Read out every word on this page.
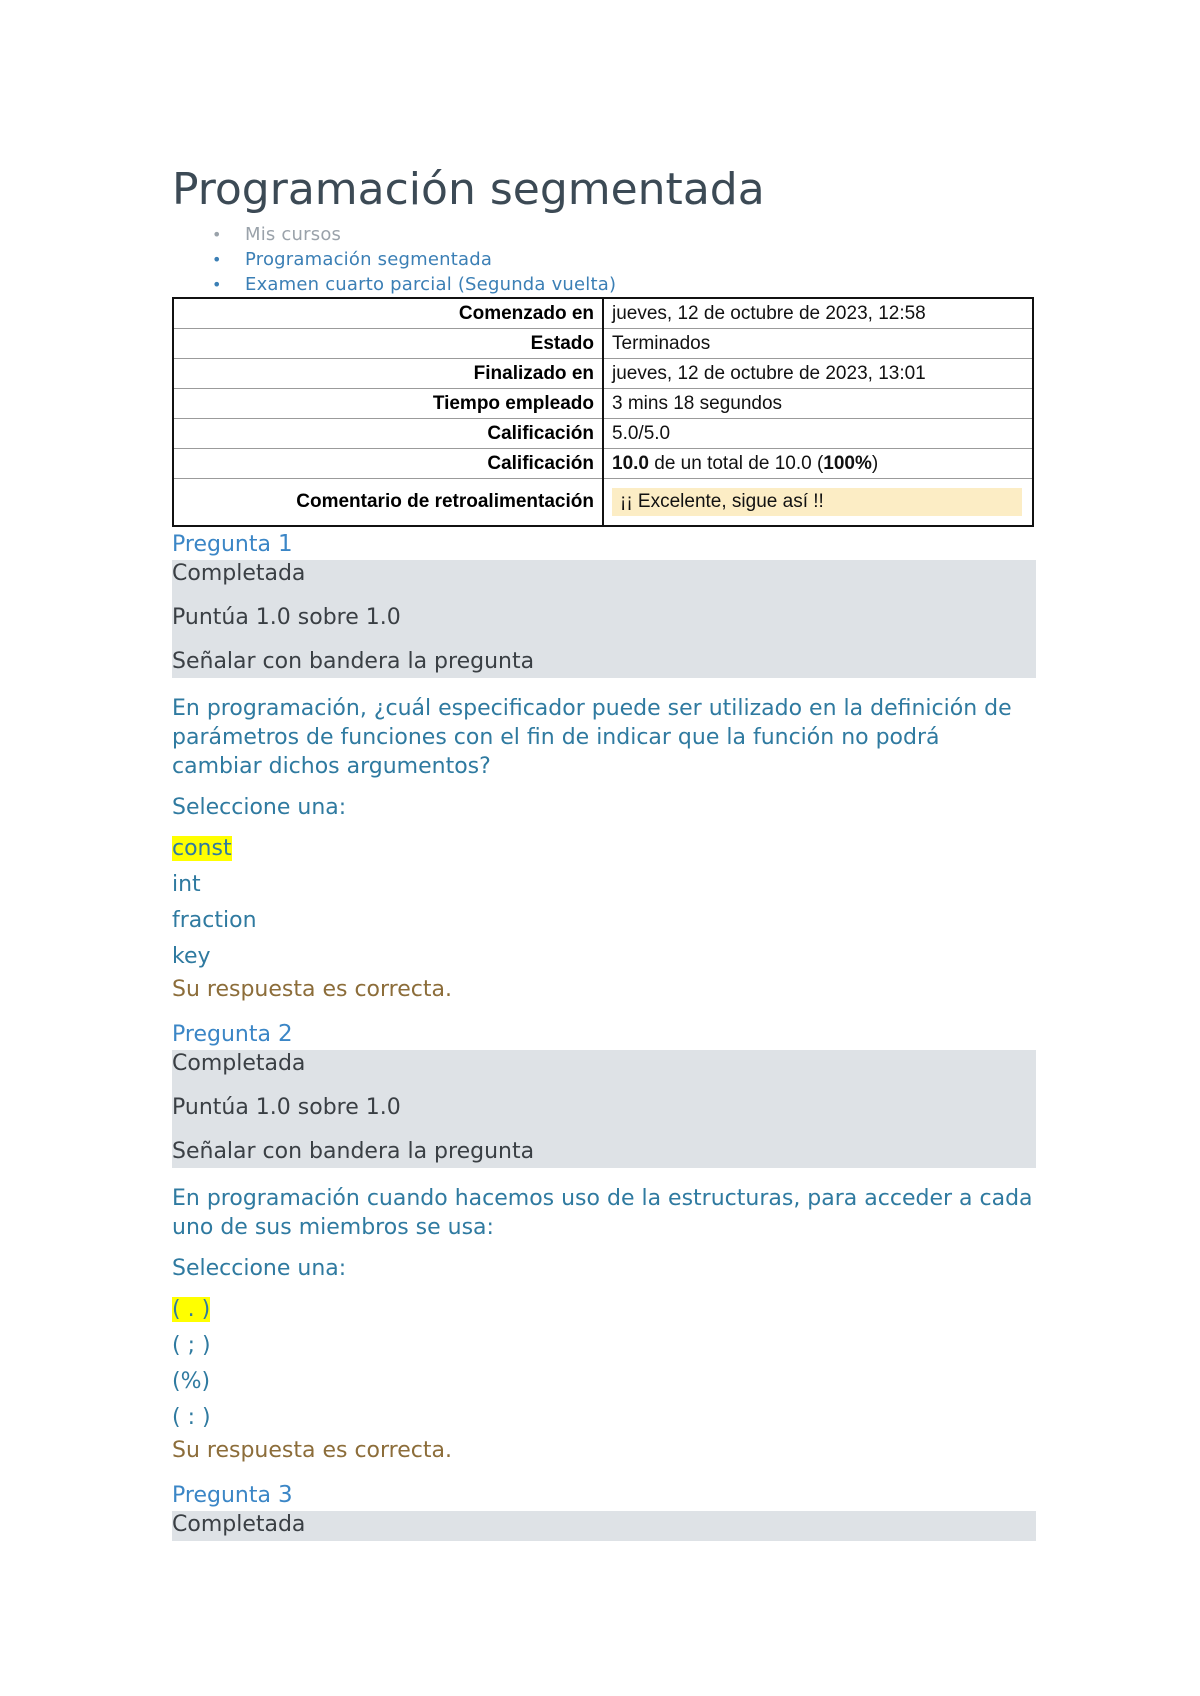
Programación segmentada
• Mis cursos
• Programación segmentada
• Examen cuarto parcial (Segunda vuelta)
Comenzado en	jueves, 12 de octubre de 2023, 12:58
Estado	Terminados
Finalizado en	jueves, 12 de octubre de 2023, 13:01
Tiempo empleado	3 mins 18 segundos
Calificación	5.0/5.0
Calificación	10.0 de un total de 10.0 (100%)
Comentario de retroalimentación	¡¡ Excelente, sigue así !!
Pregunta 1
Completada
Puntúa 1.0 sobre 1.0
Señalar con bandera la pregunta
En programación, ¿cuál especificador puede ser utilizado en la definición de parámetros de funciones con el fin de indicar que la función no podrá cambiar dichos argumentos?
Seleccione una:
const
int
fraction
key
Su respuesta es correcta.
Pregunta 2
Completada
Puntúa 1.0 sobre 1.0
Señalar con bandera la pregunta
En programación cuando hacemos uso de la estructuras, para acceder a cada uno de sus miembros se usa:
Seleccione una:
( . )
( ; )
(%)
( : )
Su respuesta es correcta.
Pregunta 3
Completada
